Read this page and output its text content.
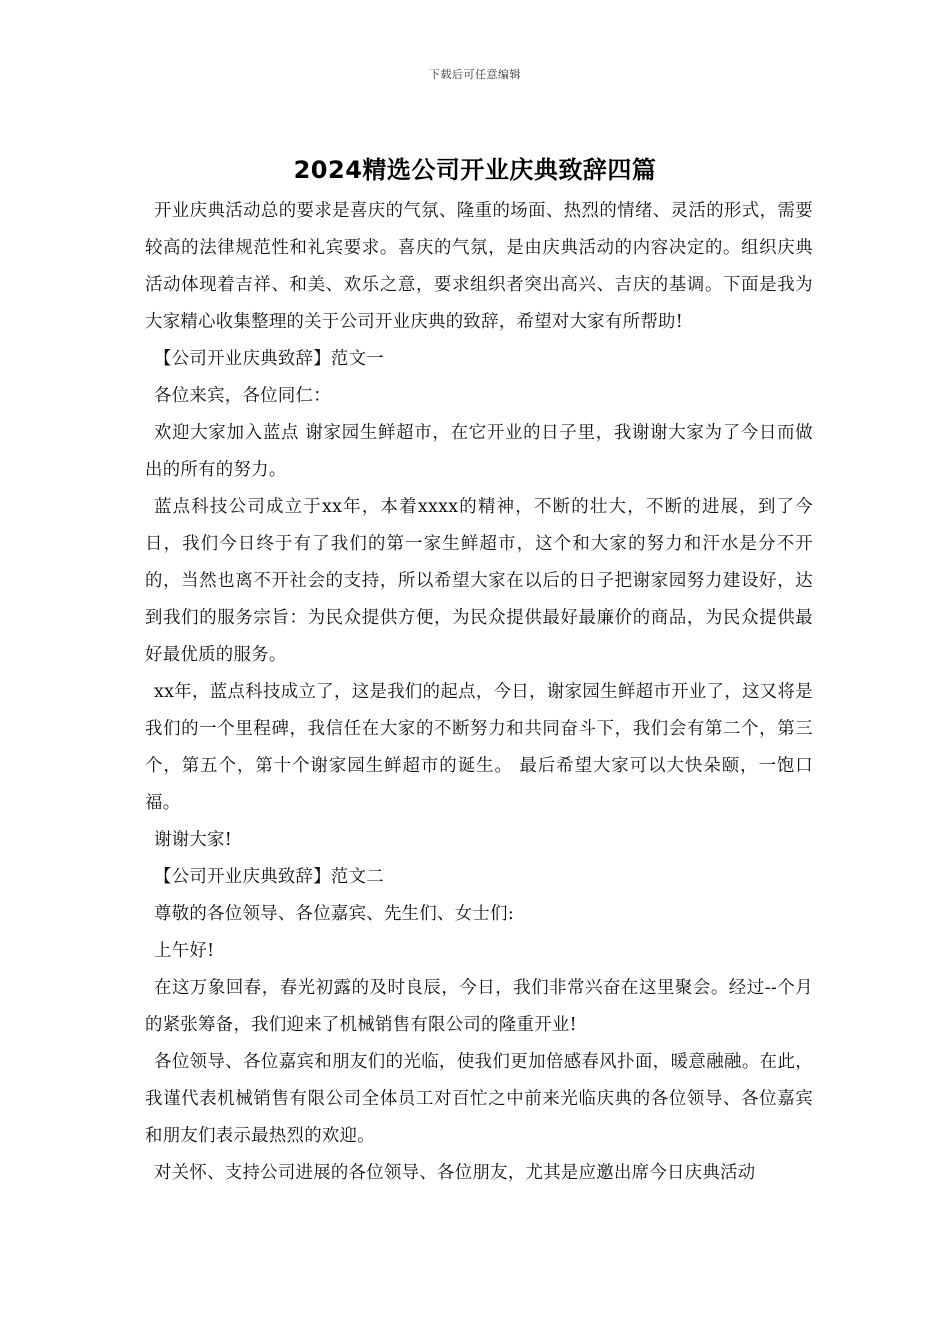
下载后可任意编辑
2024精选公司开业庆典致辞四篇

开业庆典活动总的要求是喜庆的气氛、隆重的场面、热烈的情绪、灵活的形式，需要较高的法律规范性和礼宾要求。喜庆的气氛，是由庆典活动的内容决定的。组织庆典活动体现着吉祥、和美、欢乐之意，要求组织者突出高兴、吉庆的基调。下面是我为大家精心收集整理的关于公司开业庆典的致辞，希望对大家有所帮助!

【公司开业庆典致辞】范文一

各位来宾，各位同仁：

欢迎大家加入蓝点 谢家园生鲜超市，在它开业的日子里，我谢谢大家为了今日而做出的所有的努力。

蓝点科技公司成立于xx年，本着xxxx的精神，不断的壮大，不断的进展，到了今日，我们今日终于有了我们的第一家生鲜超市，这个和大家的努力和汗水是分不开的，当然也离不开社会的支持，所以希望大家在以后的日子把谢家园努力建设好，达到我们的服务宗旨：为民众提供方便，为民众提供最好最廉价的商品，为民众提供最好最优质的服务。

xx年，蓝点科技成立了，这是我们的起点，今日，谢家园生鲜超市开业了，这又将是我们的一个里程碑，我信任在大家的不断努力和共同奋斗下，我们会有第二个，第三个，第五个，第十个谢家园生鲜超市的诞生。 最后希望大家可以大快朵颐，一饱口福。

谢谢大家!

【公司开业庆典致辞】范文二

尊敬的各位领导、各位嘉宾、先生们、女士们:

上午好!

在这万象回春，春光初露的及时良辰，今日，我们非常兴奋在这里聚会。经过--个月的紧张筹备，我们迎来了机械销售有限公司的隆重开业!

各位领导、各位嘉宾和朋友们的光临，使我们更加倍感春风扑面，暖意融融。在此，我谨代表机械销售有限公司全体员工对百忙之中前来光临庆典的各位领导、各位嘉宾和朋友们表示最热烈的欢迎。

对关怀、支持公司进展的各位领导、各位朋友，尤其是应邀出席今日庆典活动
